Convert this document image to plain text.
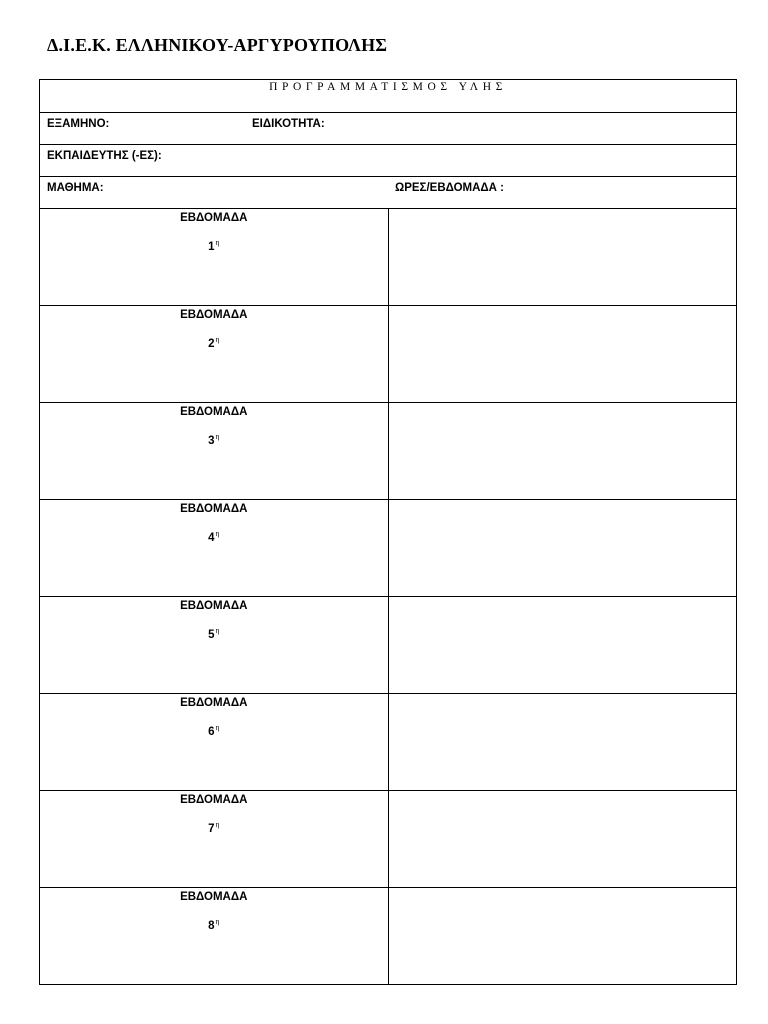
Δ.Ι.Ε.Κ. ΕΛΛΗΝΙΚΟΥ-ΑΡΓΥΡΟΥΠΟΛΗΣ
ΠΡΟΓΡΑΜΜΑΤΙΣΜΟΣ ΥΛΗΣ	

ΕΞΑΜΗΝΟ: ΕΙΔΙΚΟΤΗΤΑ:	

ΕΚΠΑΙΔΕΥΤΗΣ (-ΕΣ):	

ΜΑΘΗΜΑ: ΩΡΕΣ/ΕΒΔΟΜΑΔΑ :	

ΕΒΔΟΜΑΔΑ
$1^\eta$

ΕΒΔΟΜΑΔΑ
$2^\eta$

ΕΒΔΟΜΑΔΑ
$3^\eta$

ΕΒΔΟΜΑΔΑ
$4^\eta$

ΕΒΔΟΜΑΔΑ
$5^\eta$

ΕΒΔΟΜΑΔΑ
$6^\eta$

ΕΒΔΟΜΑΔΑ
$7^\eta$

ΕΒΔΟΜΑΔΑ
$8^\eta$
